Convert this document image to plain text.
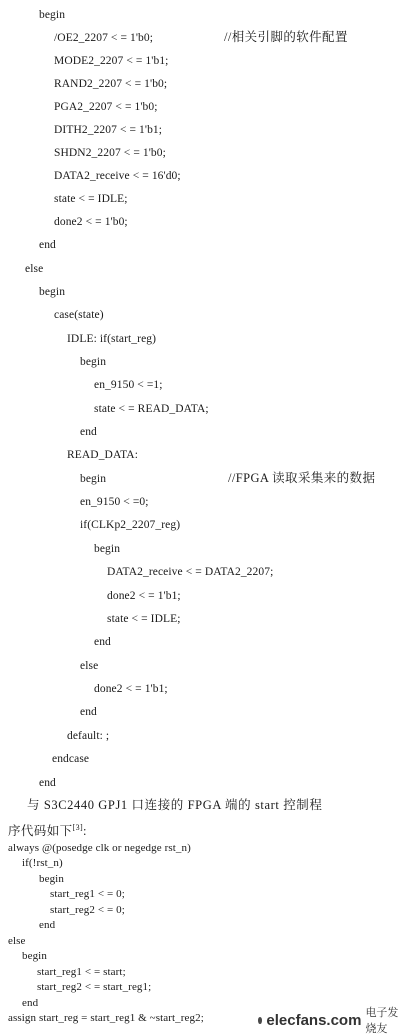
begin
/OE2_2207 < = 1'b0;	//相关引脚的软件配置
MODE2_2207 < = 1'b1;
RAND2_2207 < = 1'b0;
PGA2_2207 < = 1'b0;
DITH2_2207 < = 1'b1;
SHDN2_2207 < = 1'b0;
DATA2_receive < = 16'd0;
state < = IDLE;
done2 < = 1'b0;
end
else
begin
case(state)
IDLE: if(start_reg)
begin
en_9150 < =1;
state < = READ_DATA;
end
READ_DATA:
begin	//FPGA 读取采集来的数据
en_9150 < =0;
if(CLKp2_2207_reg)
begin
DATA2_receive < = DATA2_2207;
done2 < = 1'b1;
state < = IDLE;
end
else
done2 < = 1'b1;
end
default: ;
endcase
end
与 S3C2440 GPJ1 口连接的 FPGA 端的 start 控制程
序代码如下[3]:
always @(posedge clk or negedge rst_n)
if(!rst_n)
begin
start_reg1 < = 0;
start_reg2 < = 0;
end
else
begin
start_reg1 < = start;
start_reg2 < = start_reg1;
end
assign start_reg = start_reg1 & ~start_reg2;	elecfans.com 电子发烧友
